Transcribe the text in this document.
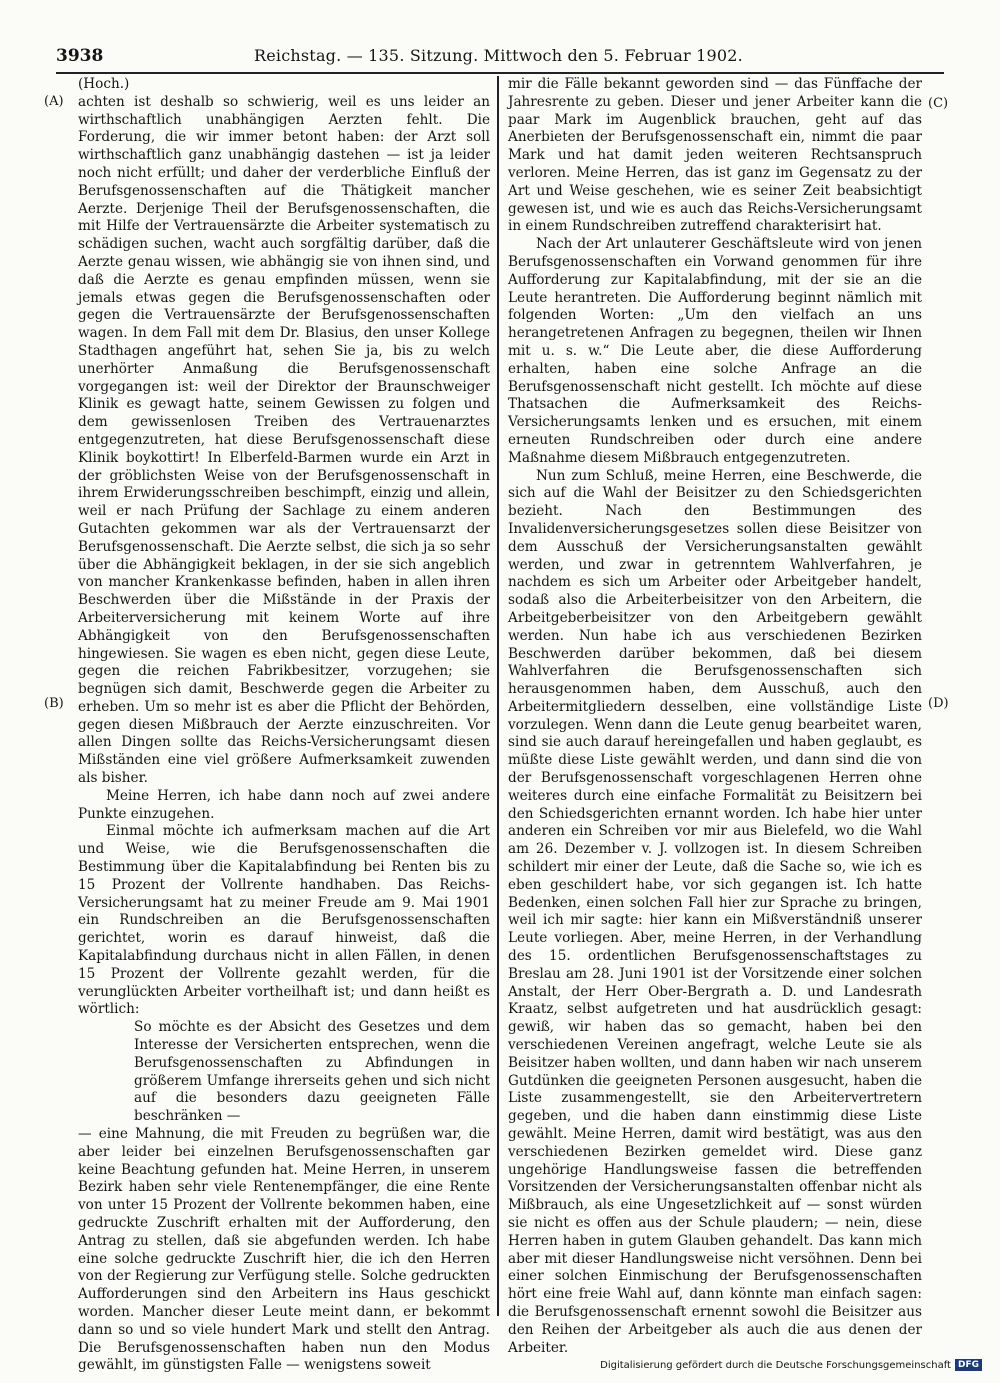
3938	Reichstag. — 135. Sitzung. Mittwoch den 5. Februar 1902.
(A)
(B)
(C)
(D)

(Hoch.)

achten ist deshalb so schwierig, weil es uns leider an wirthschaftlich unabhängigen Aerzten fehlt. Die Forderung, die wir immer betont haben: der Arzt soll wirthschaftlich ganz unabhängig dastehen — ist ja leider noch nicht erfüllt; und daher der verderbliche Einfluß der Berufsgenossenschaften auf die Thätigkeit mancher Aerzte. Derjenige Theil der Berufsgenossenschaften, die mit Hilfe der Vertrauensärzte die Arbeiter systematisch zu schädigen suchen, wacht auch sorgfältig darüber, daß die Aerzte genau wissen, wie abhängig sie von ihnen sind, und daß die Aerzte es genau empfinden müssen, wenn sie jemals etwas gegen die Berufsgenossenschaften oder gegen die Vertrauensärzte der Berufsgenossenschaften wagen. In dem Fall mit dem Dr. Blasius, den unser Kollege Stadthagen angeführt hat, sehen Sie ja, bis zu welch unerhörter Anmaßung die Berufsgenossenschaft vorgegangen ist: weil der Direktor der Braunschweiger Klinik es gewagt hatte, seinem Gewissen zu folgen und dem gewissenlosen Treiben des Vertrauenarztes entgegenzutreten, hat diese Berufsgenossenschaft diese Klinik boykottirt! In Elberfeld-Barmen wurde ein Arzt in der gröblichsten Weise von der Berufsgenossenschaft in ihrem Erwiderungsschreiben beschimpft, einzig und allein, weil er nach Prüfung der Sachlage zu einem anderen Gutachten gekommen war als der Vertrauensarzt der Berufsgenossenschaft. Die Aerzte selbst, die sich ja so sehr über die Abhängigkeit beklagen, in der sie sich angeblich von mancher Krankenkasse befinden, haben in allen ihren Beschwerden über die Mißstände in der Praxis der Arbeiterversicherung mit keinem Worte auf ihre Abhängigkeit von den Berufsgenossenschaften hingewiesen. Sie wagen es eben nicht, gegen diese Leute, gegen die reichen Fabrikbesitzer, vorzugehen; sie begnügen sich damit, Beschwerde gegen die Arbeiter zu erheben. Um so mehr ist es aber die Pflicht der Behörden, gegen diesen Mißbrauch der Aerzte einzuschreiten. Vor allen Dingen sollte das Reichs-Versicherungsamt diesen Mißständen eine viel größere Aufmerksamkeit zuwenden als bisher.

Meine Herren, ich habe dann noch auf zwei andere Punkte einzugehen.

Einmal möchte ich aufmerksam machen auf die Art und Weise, wie die Berufsgenossenschaften die Bestimmung über die Kapitalabfindung bei Renten bis zu 15 Prozent der Vollrente handhaben. Das Reichs-Versicherungsamt hat zu meiner Freude am 9. Mai 1901 ein Rundschreiben an die Berufsgenossenschaften gerichtet, worin es darauf hinweist, daß die Kapitalabfindung durchaus nicht in allen Fällen, in denen 15 Prozent der Vollrente gezahlt werden, für die verunglückten Arbeiter vortheilhaft ist; und dann heißt es wörtlich:

So möchte es der Absicht des Gesetzes und dem Interesse der Versicherten entsprechen, wenn die Berufsgenossenschaften zu Abfindungen in größerem Umfange ihrerseits gehen und sich nicht auf die besonders dazu geeigneten Fälle beschränken —

— eine Mahnung, die mit Freuden zu begrüßen war, die aber leider bei einzelnen Berufsgenossenschaften gar keine Beachtung gefunden hat. Meine Herren, in unserem Bezirk haben sehr viele Rentenempfänger, die eine Rente von unter 15 Prozent der Vollrente bekommen haben, eine gedruckte Zuschrift erhalten mit der Aufforderung, den Antrag zu stellen, daß sie abgefunden werden. Ich habe eine solche gedruckte Zuschrift hier, die ich den Herren von der Regierung zur Verfügung stelle. Solche gedruckten Aufforderungen sind den Arbeitern ins Haus geschickt worden. Mancher dieser Leute meint dann, er bekommt dann so und so viele hundert Mark und stellt den Antrag. Die Berufsgenossenschaften haben nun den Modus gewählt, im günstigsten Falle — wenigstens soweit

mir die Fälle bekannt geworden sind — das Fünffache der Jahresrente zu geben. Dieser und jener Arbeiter kann die paar Mark im Augenblick brauchen, geht auf das Anerbieten der Berufsgenossenschaft ein, nimmt die paar Mark und hat damit jeden weiteren Rechtsanspruch verloren. Meine Herren, das ist ganz im Gegensatz zu der Art und Weise geschehen, wie es seiner Zeit beabsichtigt gewesen ist, und wie es auch das Reichs-Versicherungsamt in einem Rundschreiben zutreffend charakterisirt hat.

Nach der Art unlauterer Geschäftsleute wird von jenen Berufsgenossenschaften ein Vorwand genommen für ihre Aufforderung zur Kapitalabfindung, mit der sie an die Leute herantreten. Die Aufforderung beginnt nämlich mit folgenden Worten: „Um den vielfach an uns herangetretenen Anfragen zu begegnen, theilen wir Ihnen mit u. s. w.“ Die Leute aber, die diese Aufforderung erhalten, haben eine solche Anfrage an die Berufsgenossenschaft nicht gestellt. Ich möchte auf diese Thatsachen die Aufmerksamkeit des Reichs-Versicherungsamts lenken und es ersuchen, mit einem erneuten Rundschreiben oder durch eine andere Maßnahme diesem Mißbrauch entgegenzutreten.

Nun zum Schluß, meine Herren, eine Beschwerde, die sich auf die Wahl der Beisitzer zu den Schiedsgerichten bezieht. Nach den Bestimmungen des Invalidenversicherungsgesetzes sollen diese Beisitzer von dem Ausschuß der Versicherungsanstalten gewählt werden, und zwar in getrenntem Wahlverfahren, je nachdem es sich um Arbeiter oder Arbeitgeber handelt, sodaß also die Arbeiterbeisitzer von den Arbeitern, die Arbeitgeberbeisitzer von den Arbeitgebern gewählt werden. Nun habe ich aus verschiedenen Bezirken Beschwerden darüber bekommen, daß bei diesem Wahlverfahren die Berufsgenossenschaften sich herausgenommen haben, dem Ausschuß, auch den Arbeitermitgliedern desselben, eine vollständige Liste vorzulegen. Wenn dann die Leute genug bearbeitet waren, sind sie auch darauf hereingefallen und haben geglaubt, es müßte diese Liste gewählt werden, und dann sind die von der Berufsgenossenschaft vorgeschlagenen Herren ohne weiteres durch eine einfache Formalität zu Beisitzern bei den Schiedsgerichten ernannt worden. Ich habe hier unter anderen ein Schreiben vor mir aus Bielefeld, wo die Wahl am 26. Dezember v. J. vollzogen ist. In diesem Schreiben schildert mir einer der Leute, daß die Sache so, wie ich es eben geschildert habe, vor sich gegangen ist. Ich hatte Bedenken, einen solchen Fall hier zur Sprache zu bringen, weil ich mir sagte: hier kann ein Mißverständniß unserer Leute vorliegen. Aber, meine Herren, in der Verhandlung des 15. ordentlichen Berufsgenossenschaftstages zu Breslau am 28. Juni 1901 ist der Vorsitzende einer solchen Anstalt, der Herr Ober-Bergrath a. D. und Landesrath Kraatz, selbst aufgetreten und hat ausdrücklich gesagt: gewiß, wir haben das so gemacht, haben bei den verschiedenen Vereinen angefragt, welche Leute sie als Beisitzer haben wollten, und dann haben wir nach unserem Gutdünken die geeigneten Personen ausgesucht, haben die Liste zusammengestellt, sie den Arbeitervertretern gegeben, und die haben dann einstimmig diese Liste gewählt. Meine Herren, damit wird bestätigt, was aus den verschiedenen Bezirken gemeldet wird. Diese ganz ungehörige Handlungsweise fassen die betreffenden Vorsitzenden der Versicherungsanstalten offenbar nicht als Mißbrauch, als eine Ungesetzlichkeit auf — sonst würden sie nicht es offen aus der Schule plaudern; — nein, diese Herren haben in gutem Glauben gehandelt. Das kann mich aber mit dieser Handlungsweise nicht versöhnen. Denn bei einer solchen Einmischung der Berufsgenossenschaften hört eine freie Wahl auf, dann könnte man einfach sagen: die Berufsgenossenschaft ernennt sowohl die Beisitzer aus den Reihen der Arbeitgeber als auch die aus denen der Arbeiter.

Digitalisierung gefördert durch die Deutsche Forschungsgemeinschaft DFG
